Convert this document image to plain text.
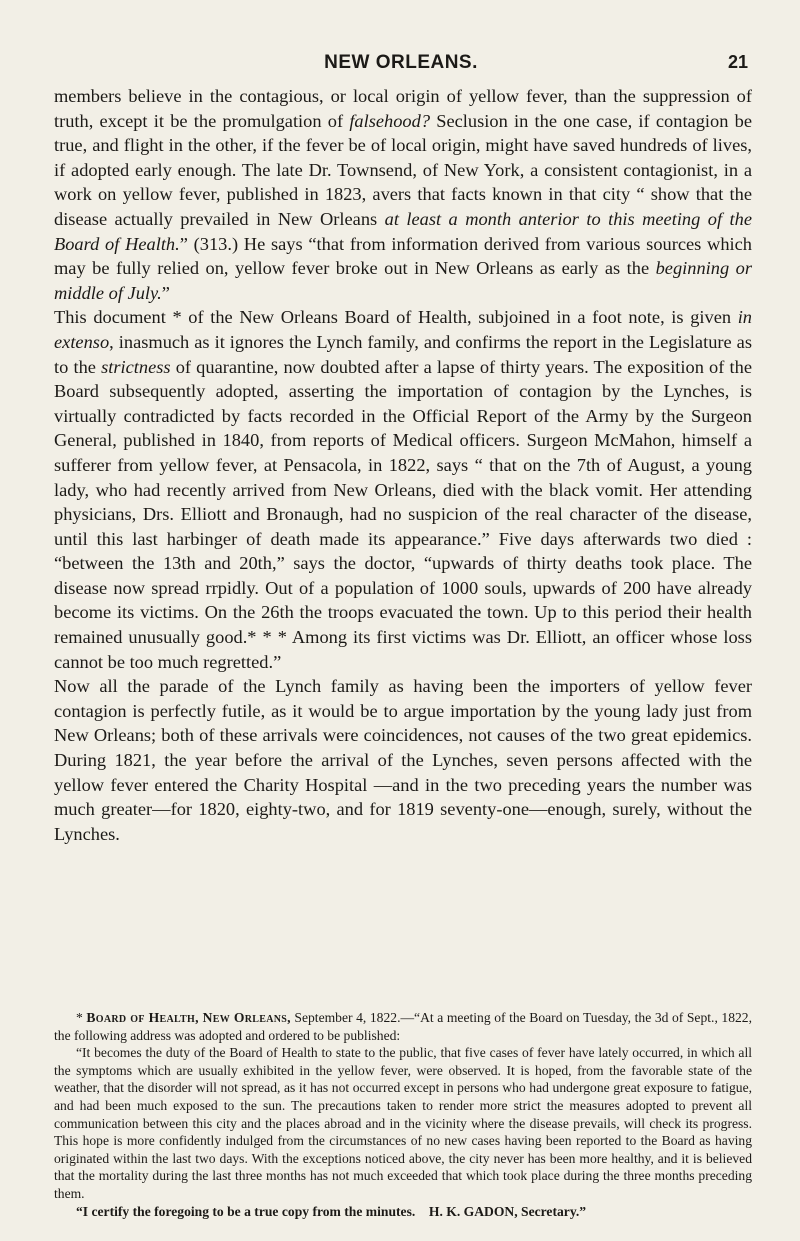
NEW ORLEANS.	21

members believe in the contagious, or local origin of yellow fever, than the suppression of truth, except it be the promulgation of falsehood? Seclusion in the one case, if contagion be true, and flight in the other, if the fever be of local origin, might have saved hundreds of lives, if adopted early enough. The late Dr. Townsend, of New York, a consistent contagionist, in a work on yellow fever, published in 1823, avers that facts known in that city “ show that the disease actually prevailed in New Orleans at least a month anterior to this meeting of the Board of Health.” (313.) He says “that from information derived from various sources which may be fully relied on, yellow fever broke out in New Orleans as early as the beginning or middle of July.”

This document * of the New Orleans Board of Health, subjoined in a foot note, is given in extenso, inasmuch as it ignores the Lynch family, and confirms the report in the Legislature as to the strictness of quarantine, now doubted after a lapse of thirty years. The exposition of the Board subsequently adopted, asserting the importation of contagion by the Lynches, is virtually contradicted by facts recorded in the Official Report of the Army by the Surgeon General, published in 1840, from reports of Medical officers. Surgeon McMahon, himself a sufferer from yellow fever, at Pensacola, in 1822, says “ that on the 7th of August, a young lady, who had recently arrived from New Orleans, died with the black vomit. Her attending physicians, Drs. Elliott and Bronaugh, had no suspicion of the real character of the disease, until this last harbinger of death made its appearance.” Five days afterwards two died : “between the 13th and 20th,” says the doctor, “upwards of thirty deaths took place. The disease now spread rrpidly. Out of a population of 1000 souls, upwards of 200 have already become its victims. On the 26th the troops evacuated the town. Up to this period their health remained unusually good.* * * Among its first victims was Dr. Elliott, an officer whose loss cannot be too much regretted.”

Now all the parade of the Lynch family as having been the importers of yellow fever contagion is perfectly futile, as it would be to argue importation by the young lady just from New Orleans; both of these arrivals were coincidences, not causes of the two great epidemics. During 1821, the year before the arrival of the Lynches, seven persons affected with the yellow fever entered the Charity Hospital —and in the two preceding years the number was much greater—for 1820, eighty-two, and for 1819 seventy-one—enough, surely, without the Lynches.

* Board of Health, New Orleans, September 4, 1822.—“At a meeting of the Board on Tuesday, the 3d of Sept., 1822, the following address was adopted and ordered to be published:

“It becomes the duty of the Board of Health to state to the public, that five cases of fever have lately occurred, in which all the symptoms which are usually exhibited in the yellow fever, were observed. It is hoped, from the favorable state of the weather, that the disorder will not spread, as it has not occurred except in persons who had undergone great exposure to fatigue, and had been much exposed to the sun. The precautions taken to render more strict the measures adopted to prevent all communication between this city and the places abroad and in the vicinity where the disease prevails, will check its progress. This hope is more confidently indulged from the circumstances of no new cases having been reported to the Board as having originated within the last two days. With the exceptions noticed above, the city never has been more healthy, and it is believed that the mortality during the last three months has not much exceeded that which took place during the three months preceding them.

“I certify the foregoing to be a true copy from the minutes. H. K. GADON, Secretary.”
